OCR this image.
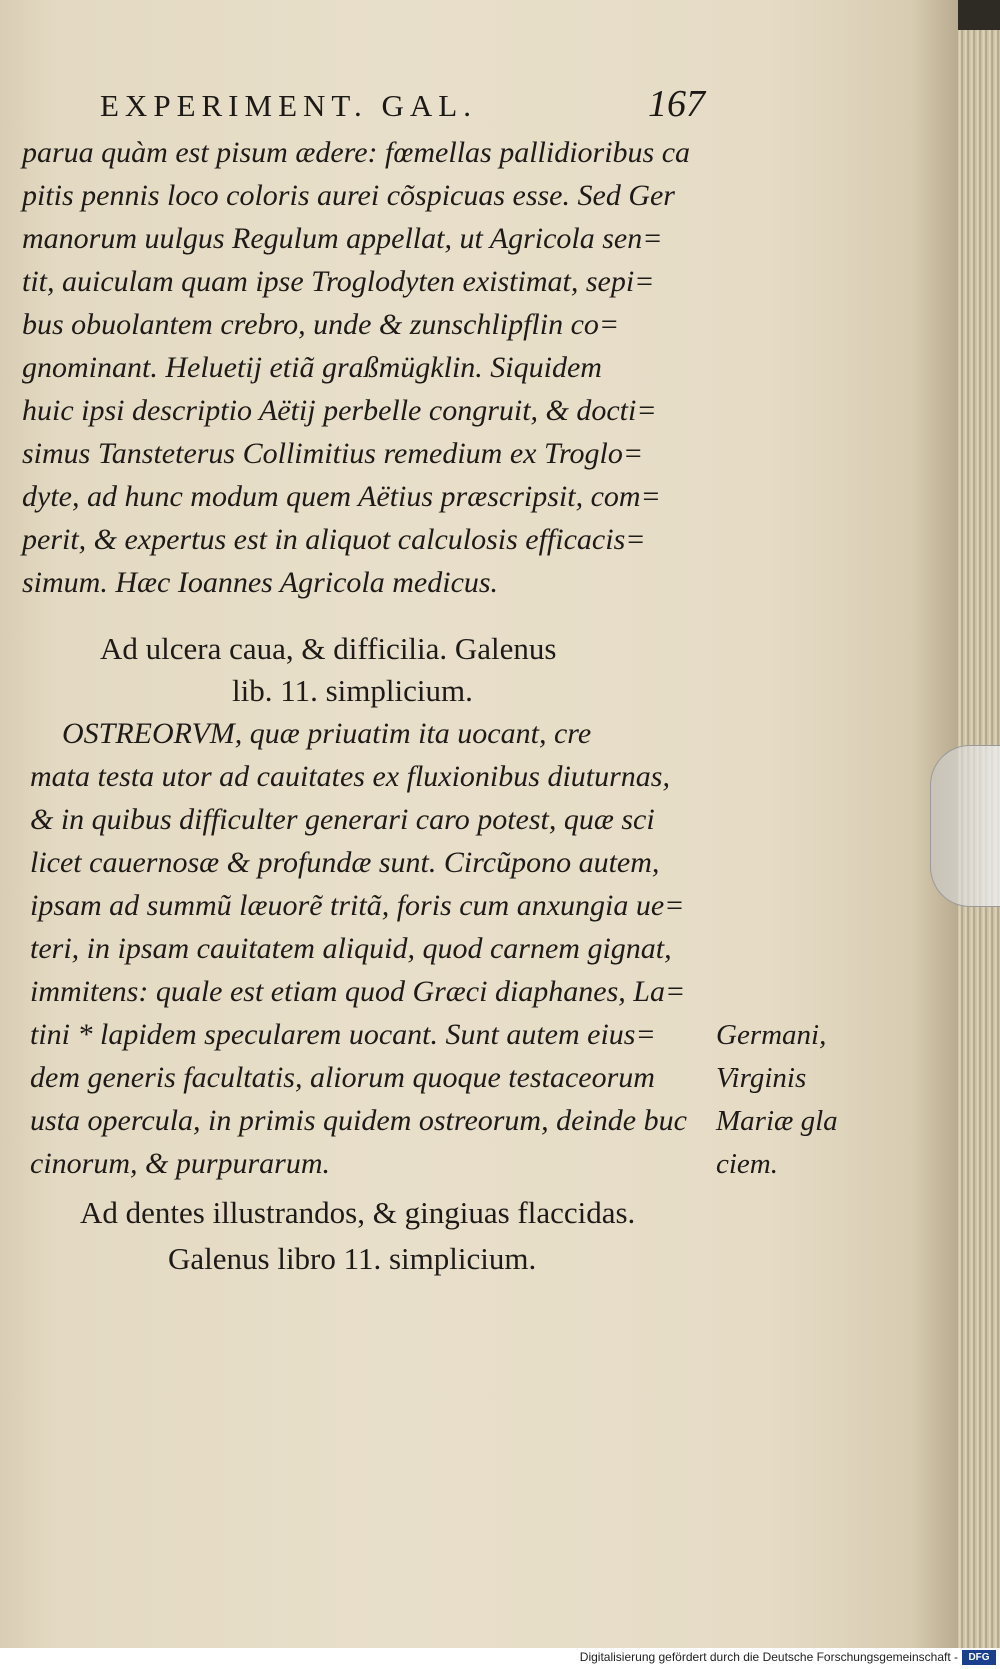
EXPERIMENT. GAL.	167
parua quàm est pisum ædere: fœmellas pallidioribus ca
pitis pennis loco coloris aurei cõspicuas esse. Sed Ger
manorum uulgus Regulum appellat, ut Agricola sen=
tit, auiculam quam ipse Troglodyten existimat, sepi=
bus obuolantem crebro, unde & zunschlipflin co=
gnominant. Heluetij etiã graßmügklin. Siquidem
huic ipsi descriptio Aëtij perbelle congruit, & docti=
simus Tansteterus Collimitius remedium ex Troglo=
dyte, ad hunc modum quem Aëtius præscripsit, com=
perit, & expertus est in aliquot calculosis efficacis=
simum. Hæc Ioannes Agricola medicus.
Ad ulcera caua, & difficilia. Galenus
lib. 11. simplicium.
OSTREORVM, quæ priuatim ita uocant, cre
mata testa utor ad cauitates ex fluxionibus diuturnas,
& in quibus difficulter generari caro potest, quæ sci
licet cauernosæ & profundæ sunt. Circũpono autem,
ipsam ad summũ læuorẽ tritã, foris cum anxungia ue=
teri, in ipsam cauitatem aliquid, quod carnem gignat,
immitens: quale est etiam quod Græci diaphanes, La=
tini * lapidem specularem uocant. Sunt autem eius=
dem generis facultatis, aliorum quoque testaceorum
usta opercula, in primis quidem ostreorum, deinde buc
cinorum, & purpurarum.
Germani,
Virginis
Mariæ gla
ciem.
Ad dentes illustrandos, & gingiuas flaccidas.
Galenus libro 11. simplicium.
Digitalisierung gefördert durch die Deutsche Forschungsgemeinschaft -	DFG
